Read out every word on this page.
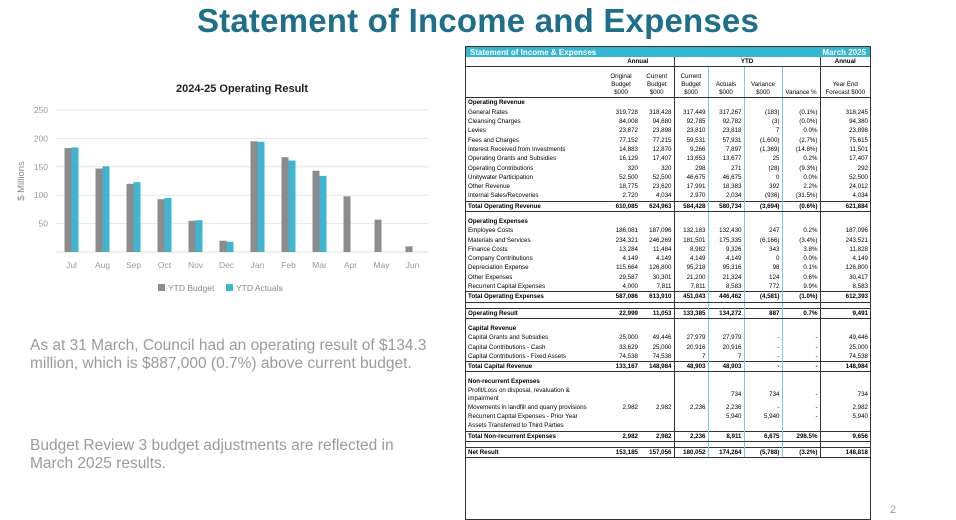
Statement of Income and Expenses
2024-25 Operating Result
50
100
150
200
250
$ Millions
Jul Aug Sep Oct Nov Dec Jan Feb Mar Apr May Jun
YTD Budget	YTD Actuals
As at 31 March, Council had an operating result of $134.3 million, which is $887,000 (0.7%) above current budget.
Budget Review 3 budget adjustments are reflected in March 2025 results.
Statement of Income & Expenses	March 2025
	Annual		YTD				Annual
	Original Budget $000	Current Budget $000	Current Budget $000	Actuals $000	Variance $000	Variance %	Year End Forecast $000
Operating Revenue							
General Rates	319,728	318,428	317,449	317,267	(183)	(0.1%)	318,245
Cleansing Charges	84,008	94,680	92,785	92,782	(3)	(0.0%)	94,380
Levies	23,872	23,898	23,810	23,818	7	0.0%	23,898
Fees and Charges	77,152	77,215	59,531	57,931	(1,600)	(2.7%)	75,615
Interest Received from Investments	14,883	12,870	9,266	7,897	(1,369)	(14.8%)	11,501
Operating Grants and Subsidies	16,129	17,407	13,653	13,677	25	0.2%	17,407
Operating Contributions	320	320	298	271	(28)	(9.3%)	292
Unitywater Participation	52,500	52,500	46,675	46,675	0	0.0%	52,500
Other Revenue	18,775	23,620	17,991	18,383	392	2.2%	24,012
Internal Sales/Recoveries	2,720	4,034	2,970	2,034	(936)	(31.5%)	4,034
Total Operating Revenue	610,085	624,963	584,428	580,734	(3,694)	(0.6%)	621,884

Operating Expenses							
Employee Costs	186,081	187,096	132,183	132,430	247	0.2%	187,096
Materials and Services	234,321	246,269	181,501	175,335	(6,166)	(3.4%)	243,521
Finance Costs	13,284	11,484	8,982	9,326	343	3.8%	11,828
Company Contributions	4,149	4,149	4,149	4,149	0	0.0%	4,149
Depreciation Expense	115,664	126,800	95,218	95,316	98	0.1%	126,800
Other Expenses	29,587	30,301	21,200	21,324	124	0.6%	30,417
Recurrent Capital Expenses	4,000	7,811	7,811	8,583	772	9.9%	8,583
Total Operating Expenses	587,086	613,910	451,043	446,462	(4,581)	(1.0%)	612,393

Operating Result	22,999	11,053	133,385	134,272	887	0.7%	9,491

Capital Revenue							
Capital Grants and Subsidies	25,000	49,446	27,979	27,979	-	-	49,446
Capital Contributions - Cash	33,629	25,000	20,916	20,916	-	-	25,000
Capital Contributions - Fixed Assets	74,538	74,538	7	7	-	-	74,538
Total Capital Revenue	133,167	148,984	48,903	48,903	-	-	148,984

Non-recurrent Expenses							
Profit/Loss on disposal, revaluation & impairment				734	734	-	734
Movements in landfill and quarry provisions	2,982	2,982	2,236	2,236	-	-	2,982
Recurrent Capital Expenses - Prior Year				5,940	5,940	-	5,940
Assets Transferred to Third Parties							
Total Non-recurrent Expenses	2,982	2,982	2,236	8,911	6,675	298.5%	9,656

Net Result	153,185	157,056	180,052	174,264	(5,788)	(3.2%)	148,818
2
